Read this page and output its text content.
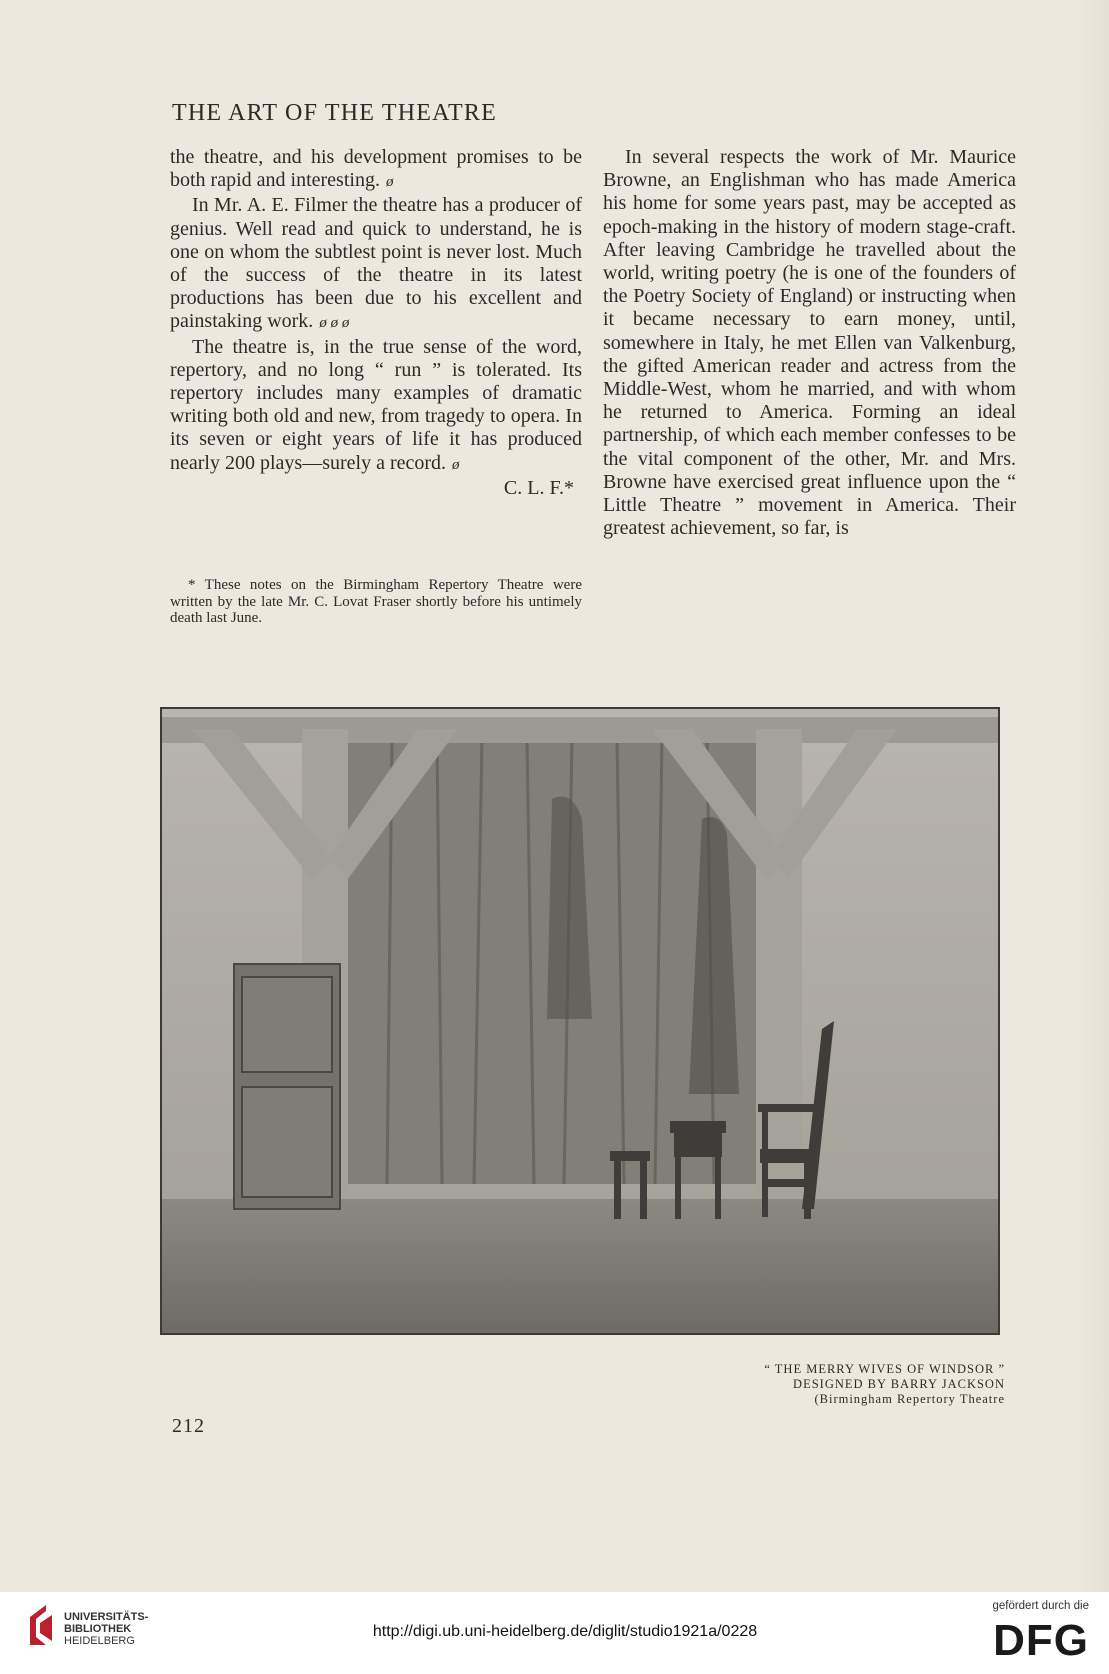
THE ART OF THE THEATRE

the theatre, and his development promises to be both rapid and interesting. ø

In Mr. A. E. Filmer the theatre has a producer of genius. Well read and quick to understand, he is one on whom the subtlest point is never lost. Much of the success of the theatre in its latest productions has been due to his excellent and painstaking work. ø ø ø

The theatre is, in the true sense of the word, repertory, and no long “ run ” is tolerated. Its repertory includes many examples of dramatic writing both old and new, from tragedy to opera. In its seven or eight years of life it has produced nearly 200 plays—surely a record. ø

C. L. F.*

* These notes on the Birmingham Repertory Theatre were written by the late Mr. C. Lovat Fraser shortly before his untimely death last June.

In several respects the work of Mr. Maurice Browne, an Englishman who has made America his home for some years past, may be accepted as epoch-making in the history of modern stage-craft. After leaving Cambridge he travelled about the world, writing poetry (he is one of the founders of the Poetry Society of England) or instructing when it became necessary to earn money, until, somewhere in Italy, he met Ellen van Valkenburg, the gifted American reader and actress from the Middle-West, whom he married, and with whom he returned to America. Forming an ideal partnership, of which each member confesses to be the vital component of the other, Mr. and Mrs. Browne have exercised great influence upon the “ Little Theatre ” movement in America. Their greatest achievement, so far, is

“ THE MERRY WIVES OF WINDSOR ”
DESIGNED BY BARRY JACKSON
(Birmingham Repertory Theatre
212
UNIVERSITÄTS-
BIBLIOTHEK
HEIDELBERG
http://digi.ub.uni-heidelberg.de/diglit/studio1921a/0228
gefördert durch die
DFG
